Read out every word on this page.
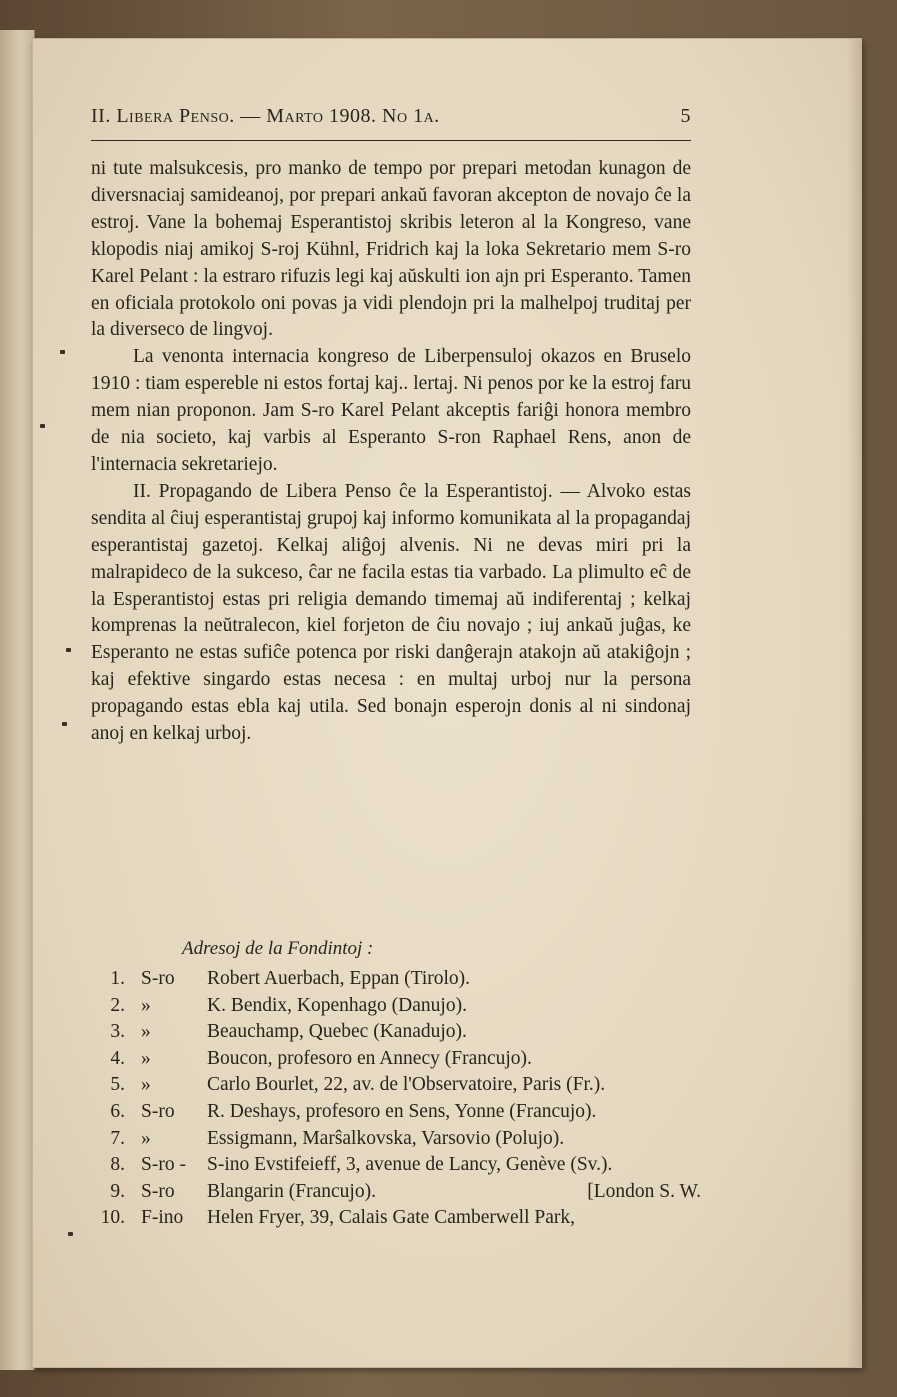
II. Libera Penso. — Marto 1908. No 1a.	5

ni tute malsukcesis, pro manko de tempo por prepari metodan kunagon de diversnaciaj samideanoj, por prepari ankaŭ favoran akcepton de novajo ĉe la estroj. Vane la bohemaj Esperantistoj skribis leteron al la Kongreso, vane klopodis niaj amikoj S-roj Kühnl, Fridrich kaj la loka Sekretario mem S-ro Karel Pelant : la estraro rifuzis legi kaj aŭskulti ion ajn pri Esperanto. Tamen en oficiala protokolo oni povas ja vidi plendojn pri la malhelpoj truditaj per la diverseco de lingvoj.

La venonta internacia kongreso de Liberpensuloj okazos en Bruselo 1910 : tiam espereble ni estos fortaj kaj.. lertaj. Ni penos por ke la estroj faru mem nian proponon. Jam S-ro Karel Pelant akceptis fariĝi honora membro de nia societo, kaj varbis al Esperanto S-ron Raphael Rens, anon de l'internacia sekretariejo.

II. Propagando de Libera Penso ĉe la Esperantistoj. — Alvoko estas sendita al ĉiuj esperantistaj grupoj kaj informo komunikata al la propagandaj esperantistaj gazetoj. Kelkaj aliĝoj alvenis. Ni ne devas miri pri la malrapideco de la sukceso, ĉar ne facila estas tia varbado. La plimulto eĉ de la Esperantistoj estas pri religia demando timemaj aŭ indiferentaj ; kelkaj komprenas la neŭtralecon, kiel forjeton de ĉiu novajo ; iuj ankaŭ juĝas, ke Esperanto ne estas sufiĉe potenca por riski danĝerajn atakojn aŭ atakiĝojn ; kaj efektive singardo estas necesa : en multaj urboj nur la persona propagando estas ebla kaj utila. Sed bonajn esperojn donis al ni sindonaj anoj en kelkaj urboj.

Adresoj de la Fondintoj :
1. S-ro	Robert Auerbach, Eppan (Tirolo).
2. »	K. Bendix, Kopenhago (Danujo).
3. »	Beauchamp, Quebec (Kanadujo).
4. »	Boucon, profesoro en Annecy (Francujo).
5. »	Carlo Bourlet, 22, av. de l'Observatoire, Paris (Fr.).
6. S-ro	R. Deshays, profesoro en Sens, Yonne (Francujo).
7. »	Essigmann, Marŝalkovska, Varsovio (Polujo).
8. S-ro -	S-ino Evstifeieff, 3, avenue de Lancy, Genève (Sv.).
9. S-ro	Blangarin (Francujo).	[London S. W.
10. F-ino	Helen Fryer, 39, Calais Gate Camberwell Park,
